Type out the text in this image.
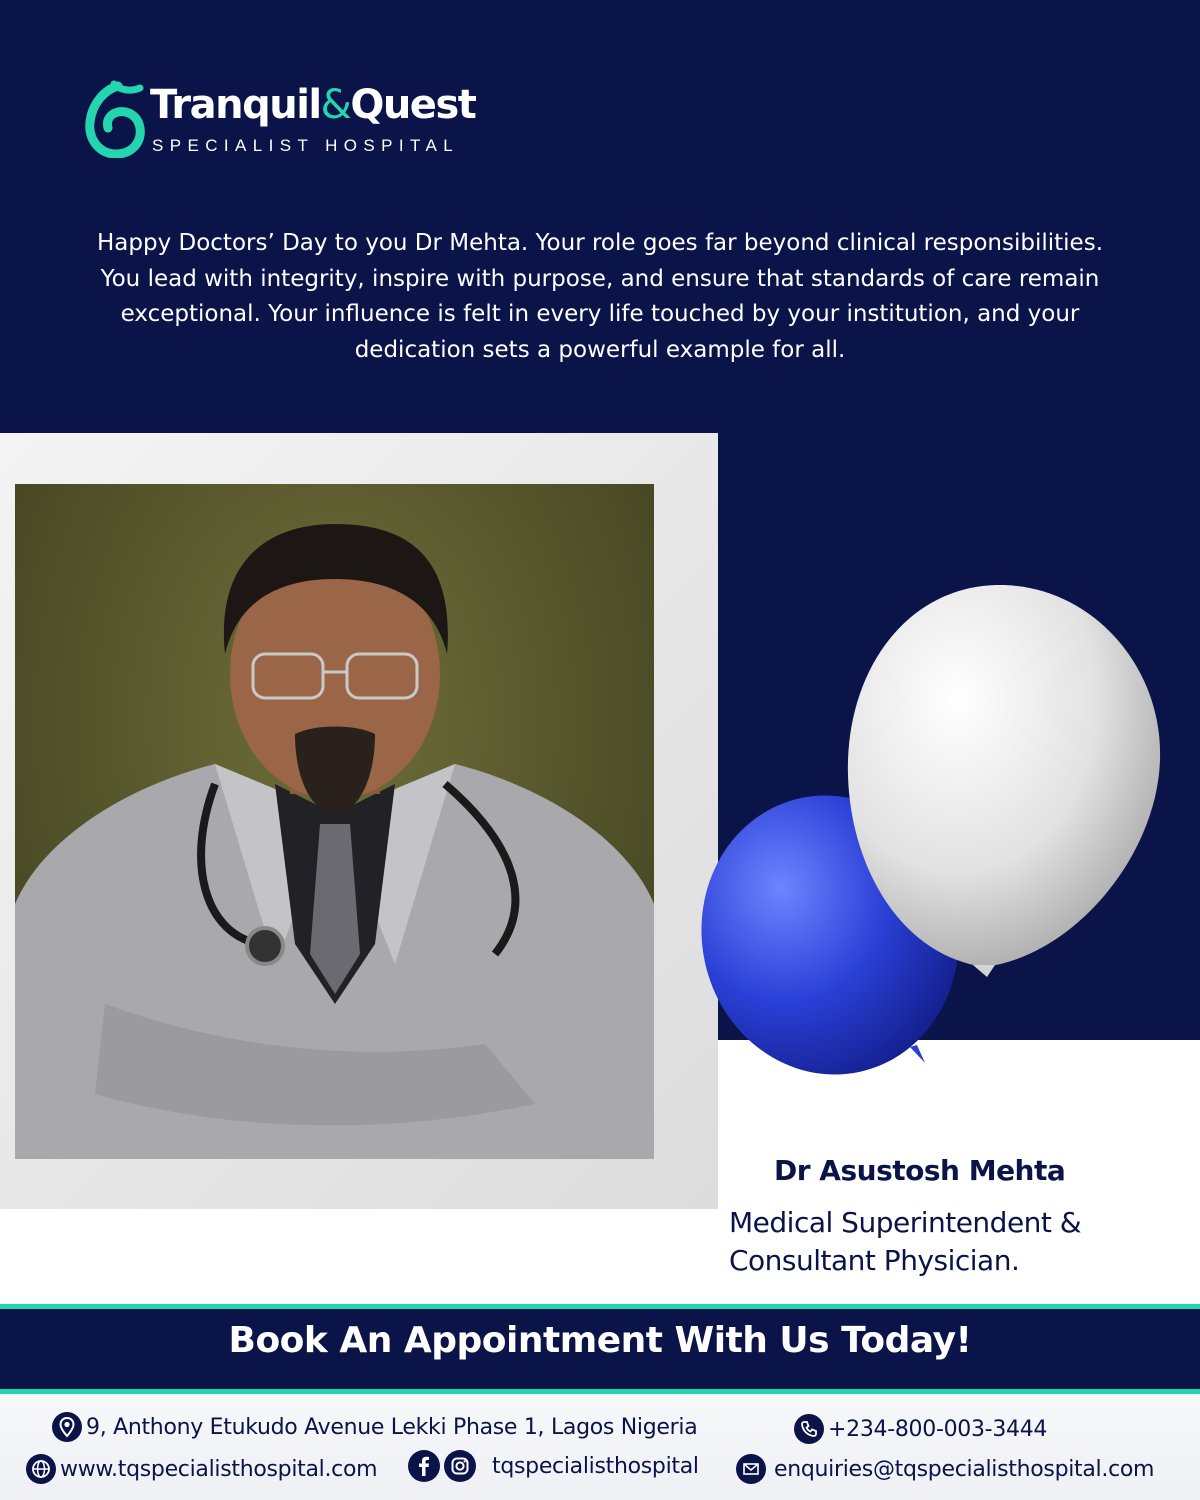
Tranquil&Quest
SPECIALIST HOSPITAL
Happy Doctors’ Day to you Dr Mehta. Your role goes far beyond clinical responsibilities. You lead with integrity, inspire with purpose, and ensure that standards of care remain exceptional. Your influence is felt in every life touched by your institution, and your dedication sets a powerful example for all.
Dr Asustosh Mehta
Medical Superintendent &
Consultant Physician.
Book An Appointment With Us Today!
9, Anthony Etukudo Avenue Lekki Phase 1, Lagos Nigeria	+234-800-003-3444
www.tqspecialisthospital.com	tqspecialisthospital	enquiries@tqspecialisthospital.com
